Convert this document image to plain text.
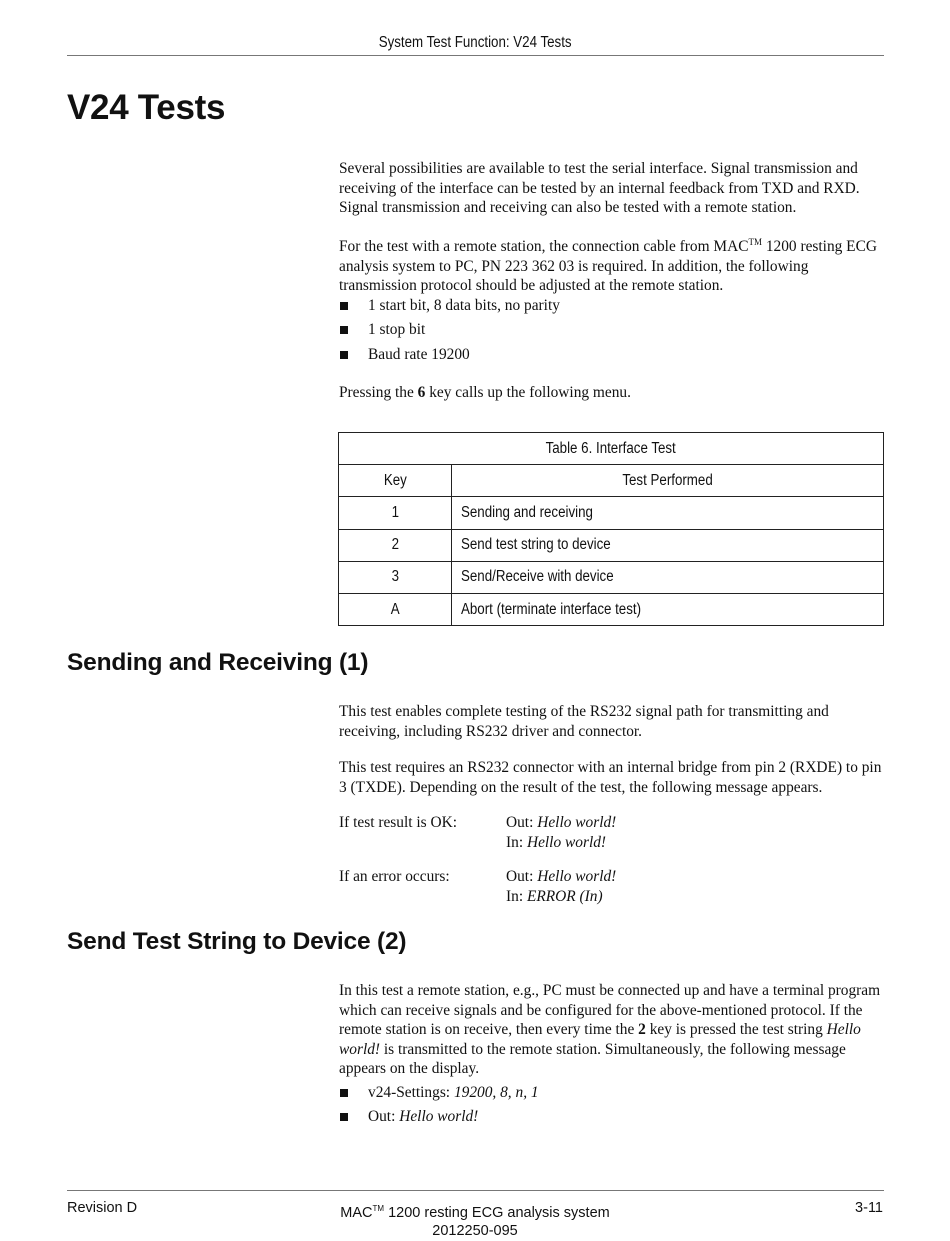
System Test Function: V24 Tests
V24 Tests

Several possibilities are available to test the serial interface. Signal transmission and receiving of the interface can be tested by an internal feedback from TXD and RXD. Signal transmission and receiving can also be tested with a remote station.

For the test with a remote station, the connection cable from MAC™ 1200 resting ECG analysis system to PC, PN 223 362 03 is required. In addition, the following transmission protocol should be adjusted at the remote station.

1 start bit, 8 data bits, no parity
1 stop bit
Baud rate 19200

Pressing the 6 key calls up the following menu.

Table 6. Interface Test	
Key	Test Performed
1	Sending and receiving
2	Send test string to device
3	Send/Receive with device
A	Abort (terminate interface test)
Sending and Receiving (1)

This test enables complete testing of the RS232 signal path for transmitting and receiving, including RS232 driver and connector.

This test requires an RS232 connector with an internal bridge from pin 2 (RXDE) to pin 3 (TXDE). Depending on the result of the test, the following message appears.

If test result is OK:	Out: Hello world!
In: Hello world!
If an error occurs:	Out: Hello world!
In: ERROR (In)
Send Test String to Device (2)

In this test a remote station, e.g., PC must be connected up and have a terminal program which can receive signals and be configured for the above-mentioned protocol. If the remote station is on receive, then every time the 2 key is pressed the test string Hello world! is transmitted to the remote station. Simultaneously, the following message appears on the display.

v24-Settings: 19200, 8, n, 1
Out: Hello world!
Revision D	MAC™ 1200 resting ECG analysis system
2012250-095
3-11
